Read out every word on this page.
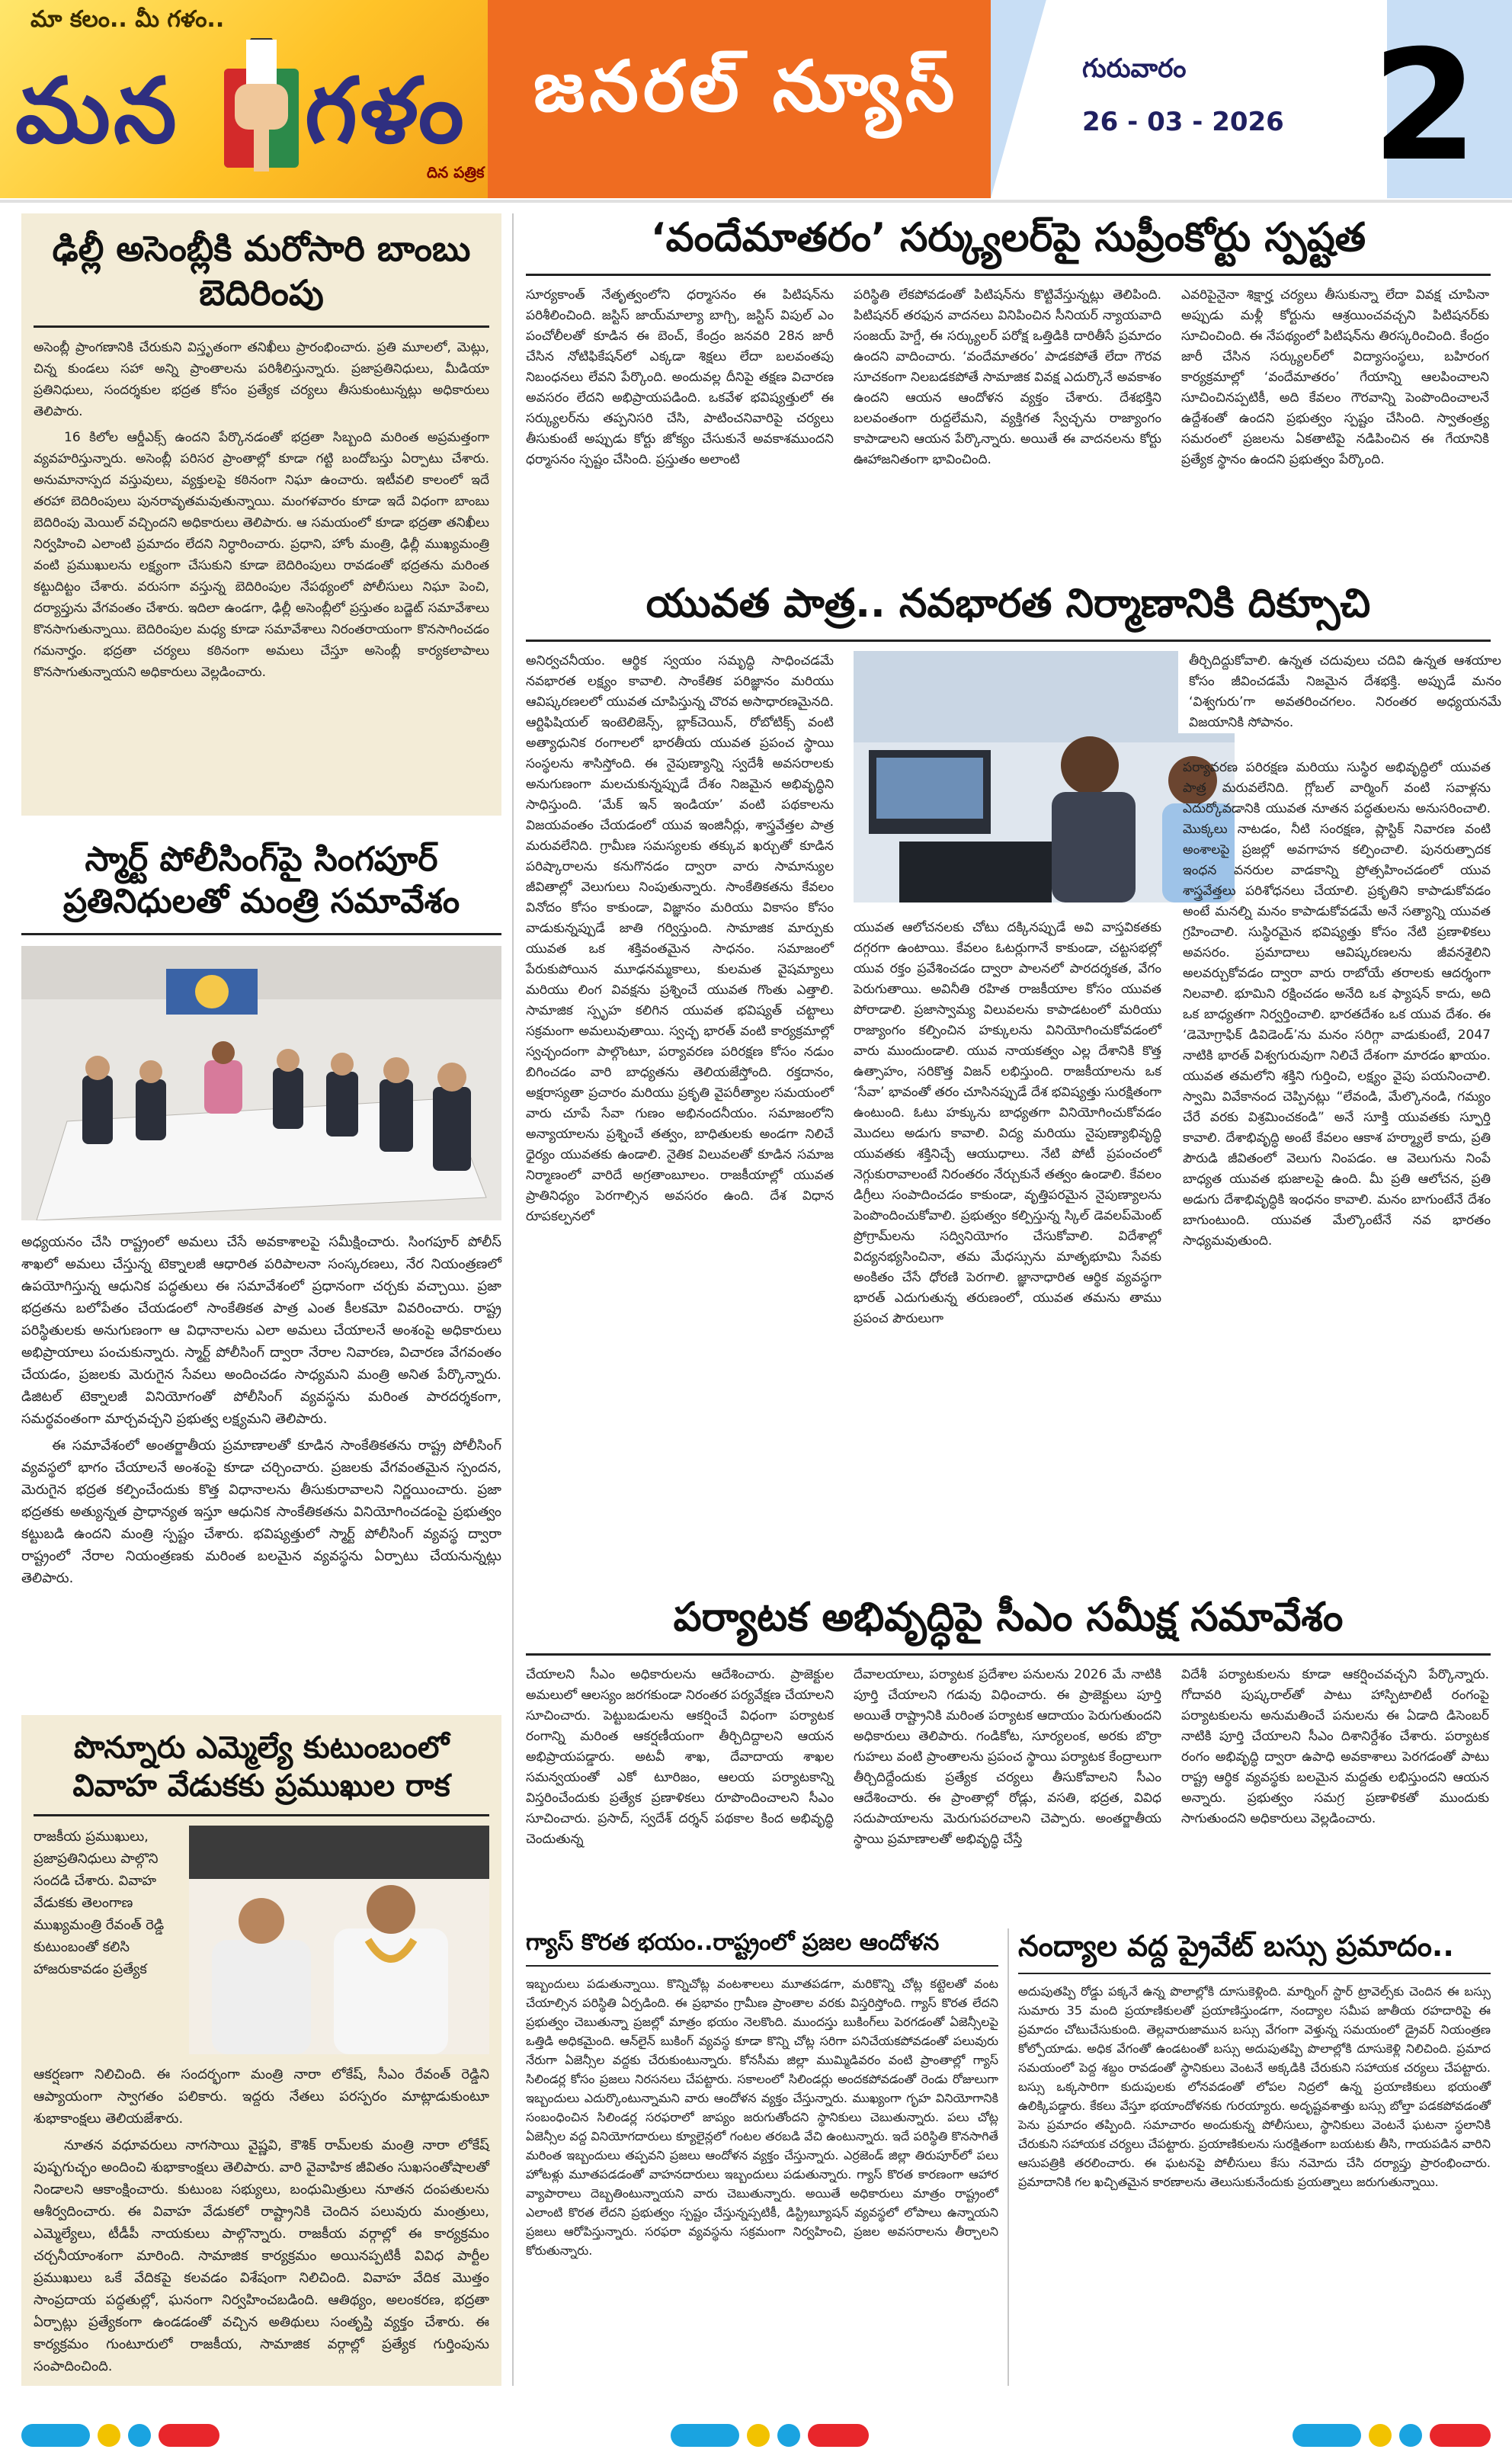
మా కలం.. మీ గళం..
మన గళం
దిన పత్రిక
జనరల్ న్యూస్	గురువారం
26 - 03 - 2026 2
ఢిల్లీ అసెంబ్లీకి మరోసారి బాంబు బెదిరింపు

అసెంబ్లీ ప్రాంగణానికి చేరుకుని విస్తృతంగా తనిఖీలు ప్రారంభించారు. ప్రతి మూలలో, మెట్లు, చిన్న కుండలు సహా అన్ని ప్రాంతాలను పరిశీలిస్తున్నారు. ప్రజాప్రతినిధులు, మీడియా ప్రతినిధులు, సందర్శకుల భద్రత కోసం ప్రత్యేక చర్యలు తీసుకుంటున్నట్లు అధికారులు తెలిపారు.

16 కిలోల ఆర్డీఎక్స్ ఉందని పేర్కొనడంతో భద్రతా సిబ్బంది మరింత అప్రమత్తంగా వ్యవహరిస్తున్నారు. అసెంబ్లీ పరిసర ప్రాంతాల్లో కూడా గట్టి బందోబస్తు ఏర్పాటు చేశారు. అనుమానాస్పద వస్తువులు, వ్యక్తులపై కఠినంగా నిఘా ఉంచారు. ఇటీవలి కాలంలో ఇదే తరహా బెదిరింపులు పునరావృతమవుతున్నాయి. మంగళవారం కూడా ఇదే విధంగా బాంబు బెదిరింపు మెయిల్ వచ్చిందని అధికారులు తెలిపారు. ఆ సమయంలో కూడా భద్రతా తనిఖీలు నిర్వహించి ఎలాంటి ప్రమాదం లేదని నిర్ధారించారు. ప్రధాని, హోం మంత్రి, ఢిల్లీ ముఖ్యమంత్రి వంటి ప్రముఖులను లక్ష్యంగా చేసుకుని కూడా బెదిరింపులు రావడంతో భద్రతను మరింత కట్టుదిట్టం చేశారు. వరుసగా వస్తున్న బెదిరింపుల నేపథ్యంలో పోలీసులు నిఘా పెంచి, దర్యాప్తును వేగవంతం చేశారు. ఇదిలా ఉండగా, ఢిల్లీ అసెంబ్లీలో ప్రస్తుతం బడ్జెట్ సమావేశాలు కొనసాగుతున్నాయి. బెదిరింపుల మధ్య కూడా సమావేశాలు నిరంతరాయంగా కొనసాగించడం గమనార్హం. భద్రతా చర్యలు కఠినంగా అమలు చేస్తూ అసెంబ్లీ కార్యకలాపాలు కొనసాగుతున్నాయని అధికారులు వెల్లడించారు.

స్మార్ట్ పోలీసింగ్‌పై సింగపూర్ ప్రతినిధులతో మంత్రి సమావేశం

అధ్యయనం చేసి రాష్ట్రంలో అమలు చేసే అవకాశాలపై సమీక్షించారు. సింగపూర్ పోలీస్ శాఖలో అమలు చేస్తున్న టెక్నాలజీ ఆధారిత పరిపాలనా సంస్కరణలు, నేర నియంత్రణలో ఉపయోగిస్తున్న ఆధునిక పద్ధతులు ఈ సమావేశంలో ప్రధానంగా చర్చకు వచ్చాయి. ప్రజా భద్రతను బలోపేతం చేయడంలో సాంకేతికత పాత్ర ఎంత కీలకమో వివరించారు. రాష్ట్ర పరిస్థితులకు అనుగుణంగా ఆ విధానాలను ఎలా అమలు చేయాలనే అంశంపై అధికారులు అభిప్రాయాలు పంచుకున్నారు. స్మార్ట్ పోలీసింగ్ ద్వారా నేరాల నివారణ, విచారణ వేగవంతం చేయడం, ప్రజలకు మెరుగైన సేవలు అందించడం సాధ్యమని మంత్రి అనిత పేర్కొన్నారు. డిజిటల్ టెక్నాలజీ వినియోగంతో పోలీసింగ్ వ్యవస్థను మరింత పారదర్శకంగా, సమర్థవంతంగా మార్చవచ్చని ప్రభుత్వ లక్ష్యమని తెలిపారు.

ఈ సమావేశంలో అంతర్జాతీయ ప్రమాణాలతో కూడిన సాంకేతికతను రాష్ట్ర పోలీసింగ్ వ్యవస్థలో భాగం చేయాలనే అంశంపై కూడా చర్చించారు. ప్రజలకు వేగవంతమైన స్పందన, మెరుగైన భద్రత కల్పించేందుకు కొత్త విధానాలను తీసుకురావాలని నిర్ణయించారు. ప్రజా భద్రతకు అత్యున్నత ప్రాధాన్యత ఇస్తూ ఆధునిక సాంకేతికతను వినియోగించడంపై ప్రభుత్వం కట్టుబడి ఉందని మంత్రి స్పష్టం చేశారు. భవిష్యత్తులో స్మార్ట్ పోలీసింగ్ వ్యవస్థ ద్వారా రాష్ట్రంలో నేరాల నియంత్రణకు మరింత బలమైన వ్యవస్థను ఏర్పాటు చేయనున్నట్లు తెలిపారు.

పొన్నూరు ఎమ్మెల్యే కుటుంబంలో వివాహ వేడుకకు ప్రముఖుల రాక
రాజకీయ ప్రముఖులు, ప్రజాప్రతినిధులు పాల్గొని సందడి చేశారు. వివాహ వేడుకకు తెలంగాణ ముఖ్యమంత్రి రేవంత్ రెడ్డి కుటుంబంతో కలిసి హాజరుకావడం ప్రత్యేక

ఆకర్షణగా నిలిచింది. ఈ సందర్భంగా మంత్రి నారా లోకేష్, సీఎం రేవంత్ రెడ్డిని ఆప్యాయంగా స్వాగతం పలికారు. ఇద్దరు నేతలు పరస్పరం మాట్లాడుకుంటూ శుభాకాంక్షలు తెలియజేశారు.

నూతన వధూవరులు నాగసాయి వైష్ణవి, కౌశిక్ రామ్‌లకు మంత్రి నారా లోకేష్ పుష్పగుచ్ఛం అందించి శుభాకాంక్షలు తెలిపారు. వారి వైవాహిక జీవితం సుఖసంతోషాలతో నిండాలని ఆకాంక్షించారు. కుటుంబ సభ్యులు, బంధుమిత్రులు నూతన దంపతులను ఆశీర్వదించారు. ఈ వివాహ వేడుకలో రాష్ట్రానికి చెందిన పలువురు మంత్రులు, ఎమ్మెల్యేలు, టీడీపీ నాయకులు పాల్గొన్నారు. రాజకీయ వర్గాల్లో ఈ కార్యక్రమం చర్చనీయాంశంగా మారింది. సామాజిక కార్యక్రమం అయినప్పటికీ వివిధ పార్టీల ప్రముఖులు ఒకే వేదికపై కలవడం విశేషంగా నిలిచింది. వివాహ వేదిక మొత్తం సాంప్రదాయ పద్ధతుల్లో, ఘనంగా నిర్వహించబడింది. ఆతిథ్యం, అలంకరణ, భద్రతా ఏర్పాట్లు ప్రత్యేకంగా ఉండడంతో వచ్చిన అతిథులు సంతృప్తి వ్యక్తం చేశారు. ఈ కార్యక్రమం గుంటూరులో రాజకీయ, సామాజిక వర్గాల్లో ప్రత్యేక గుర్తింపును సంపాదించింది.

‘వందేమాతరం’ సర్క్యులర్‌పై సుప్రీంకోర్టు స్పష్టత
సూర్యకాంత్ నేతృత్వంలోని ధర్మాసనం ఈ పిటిషన్‌ను పరిశీలించింది. జస్టిస్ జాయ్‌మాల్యా బాగ్చి, జస్టిస్ విపుల్ ఎం పంచోలీలతో కూడిన ఈ బెంచ్, కేంద్రం జనవరి 28న జారీ చేసిన నోటిఫికేషన్‌లో ఎక్కడా శిక్షలు లేదా బలవంతపు నిబంధనలు లేవని పేర్కొంది. అందువల్ల దీనిపై తక్షణ విచారణ అవసరం లేదని అభిప్రాయపడింది. ఒకవేళ భవిష్యత్తులో ఈ సర్క్యులర్‌ను తప్పనిసరి చేసి, పాటించనివారిపై చర్యలు తీసుకుంటే అప్పుడు కోర్టు జోక్యం చేసుకునే అవకాశముందని ధర్మాసనం స్పష్టం చేసింది. ప్రస్తుతం అలాంటి
పరిస్థితి లేకపోవడంతో పిటిషన్‌ను కొట్టివేస్తున్నట్లు తెలిపింది. పిటిషనర్ తరఫున వాదనలు వినిపించిన సీనియర్ న్యాయవాది సంజయ్ హెగ్డే, ఈ సర్క్యులర్ పరోక్ష ఒత్తిడికి దారితీసే ప్రమాదం ఉందని వాదించారు. ‘వందేమాతరం’ పాడకపోతే లేదా గౌరవ సూచకంగా నిలబడకపోతే సామాజిక వివక్ష ఎదుర్కొనే అవకాశం ఉందని ఆయన ఆందోళన వ్యక్తం చేశారు. దేశభక్తిని బలవంతంగా రుద్దలేమని, వ్యక్తిగత స్వేచ్ఛను రాజ్యాంగం కాపాడాలని ఆయన పేర్కొన్నారు. అయితే ఈ వాదనలను కోర్టు ఊహాజనితంగా భావించింది.
ఎవరిపైనైనా శిక్షార్హ చర్యలు తీసుకున్నా లేదా వివక్ష చూపినా అప్పుడు మళ్లీ కోర్టును ఆశ్రయించవచ్చని పిటిషనర్‌కు సూచించింది. ఈ నేపథ్యంలో పిటిషన్‌ను తిరస్కరించింది. కేంద్రం జారీ చేసిన సర్క్యులర్‌లో విద్యాసంస్థలు, బహిరంగ కార్యక్రమాల్లో ‘వందేమాతరం’ గేయాన్ని ఆలపించాలని సూచించినప్పటికీ, అది కేవలం గౌరవాన్ని పెంపొందించాలనే ఉద్దేశంతో ఉందని ప్రభుత్వం స్పష్టం చేసింది. స్వాతంత్ర్య సమరంలో ప్రజలను ఏకతాటిపై నడిపించిన ఈ గేయానికి ప్రత్యేక స్థానం ఉందని ప్రభుత్వం పేర్కొంది.
యువత పాత్ర.. నవభారత నిర్మాణానికి దిక్సూచి
అనిర్వచనీయం. ఆర్థిక స్వయం సమృద్ధి సాధించడమే నవభారత లక్ష్యం కావాలి. సాంకేతిక పరిజ్ఞానం మరియు ఆవిష్కరణలలో యువత చూపిస్తున్న చొరవ అసాధారణమైనది. ఆర్టిఫిషియల్ ఇంటెలిజెన్స్, బ్లాక్‌చెయిన్, రోబోటిక్స్ వంటి అత్యాధునిక రంగాలలో భారతీయ యువత ప్రపంచ స్థాయి సంస్థలను శాసిస్తోంది. ఈ నైపుణ్యాన్ని స్వదేశీ అవసరాలకు అనుగుణంగా మలచుకున్నప్పుడే దేశం నిజమైన అభివృద్ధిని సాధిస్తుంది. ‘మేక్ ఇన్ ఇండియా’ వంటి పథకాలను విజయవంతం చేయడంలో యువ ఇంజినీర్లు, శాస్త్రవేత్తల పాత్ర మరువలేనిది. గ్రామీణ సమస్యలకు తక్కువ ఖర్చుతో కూడిన పరిష్కారాలను కనుగొనడం ద్వారా వారు సామాన్యుల జీవితాల్లో వెలుగులు నింపుతున్నారు. సాంకేతికతను కేవలం వినోదం కోసం కాకుండా, విజ్ఞానం మరియు వికాసం కోసం వాడుకున్నప్పుడే జాతి గర్విస్తుంది. సామాజిక మార్పుకు యువత ఒక శక్తివంతమైన సాధనం. సమాజంలో పేరుకుపోయిన మూఢనమ్మకాలు, కులమత వైషమ్యాలు మరియు లింగ వివక్షను ప్రశ్నించే యువత గొంతు ఎత్తాలి. సామాజిక స్పృహ కలిగిన యువత భవిష్యత్ చట్టాలు సక్రమంగా అమలువుతాయి. స్వచ్ఛ భారత్ వంటి కార్యక్రమాల్లో స్వచ్ఛందంగా పాల్గొంటూ, పర్యావరణ పరిరక్షణ కోసం నడుం బిగించడం వారి బాధ్యతను తెలియజేస్తోంది. రక్తదానం, అక్షరాస్యతా ప్రచారం మరియు ప్రకృతి వైపరీత్యాల సమయంలో వారు చూపే సేవా గుణం అభినందనీయం. సమాజంలోని అన్యాయాలను ప్రశ్నించే తత్వం, బాధితులకు అండగా నిలిచే ధైర్యం యువతకు ఉండాలి. నైతిక విలువలతో కూడిన సమాజ నిర్మాణంలో వారిదే అగ్రతాంబూలం. రాజకీయాల్లో యువత ప్రాతినిధ్యం పెరగాల్సిన అవసరం ఉంది. దేశ విధాన రూపకల్పనలో
తీర్చిదిద్దుకోవాలి. ఉన్నత చదువులు చదివి ఉన్నత ఆశయాల కోసం జీవించడమే నిజమైన దేశభక్తి. అప్పుడే మనం ‘విశ్వగురు’గా అవతరించగలం. నిరంతర అధ్యయనమే విజయానికి సోపానం.
యువత ఆలోచనలకు చోటు దక్కినప్పుడే అవి వాస్తవికతకు దగ్గరగా ఉంటాయి. కేవలం ఓటర్లుగానే కాకుండా, చట్టసభల్లో యువ రక్తం ప్రవేశించడం ద్వారా పాలనలో పారదర్శకత, వేగం పెరుగుతాయి. అవినీతి రహిత రాజకీయాల కోసం యువత పోరాడాలి. ప్రజాస్వామ్య విలువలను కాపాడటంలో మరియు రాజ్యాంగం కల్పించిన హక్కులను వినియోగించుకోవడంలో వారు ముందుండాలి. యువ నాయకత్వం ఎల్ల దేశానికి కొత్త ఉత్సాహం, సరికొత్త విజన్ లభిస్తుంది. రాజకీయాలను ఒక ‘సేవా’ భావంతో తరం చూసినప్పుడే దేశ భవిష్యత్తు సురక్షితంగా ఉంటుంది. ఓటు హక్కును బాధ్యతగా వినియోగించుకోవడం మొదలు అడుగు కావాలి. విద్య మరియు నైపుణ్యాభివృద్ధి యువతకు శక్తినిచ్చే ఆయుధాలు. నేటి పోటీ ప్రపంచంలో నెగ్గుకురావాలంటే నిరంతరం నేర్చుకునే తత్వం ఉండాలి. కేవలం డిగ్రీలు సంపాదించడం కాకుండా, వృత్తిపరమైన నైపుణ్యాలను పెంపొందించుకోవాలి. ప్రభుత్వం కల్పిస్తున్న స్కిల్ డెవలప్‌మెంట్ ప్రోగ్రామ్‌లను సద్వినియోగం చేసుకోవాలి. విదేశాల్లో విద్యనభ్యసించినా, తమ మేధస్సును మాతృభూమి సేవకు అంకితం చేసే ధోరణి పెరగాలి. జ్ఞానాధారిత ఆర్థిక వ్యవస్థగా భారత్ ఎదుగుతున్న తరుణంలో, యువత తమను తాము ప్రపంచ పౌరులుగా
పర్యావరణ పరిరక్షణ మరియు సుస్థిర అభివృద్ధిలో యువత పాత్ర మరువలేనిది. గ్లోబల్ వార్మింగ్ వంటి సవాళ్లను ఎదుర్కోవడానికి యువత నూతన పద్ధతులను అనుసరించాలి. మొక్కలు నాటడం, నీటి సంరక్షణ, ప్లాస్టిక్ నివారణ వంటి అంశాలపై ప్రజల్లో అవగాహన కల్పించాలి. పునరుత్పాదక ఇంధన వనరుల వాడకాన్ని ప్రోత్సహించడంలో యువ శాస్త్రవేత్తలు పరిశోధనలు చేయాలి. ప్రకృతిని కాపాడుకోవడం అంటే మనల్ని మనం కాపాడుకోవడమే అనే సత్యాన్ని యువత గ్రహించాలి. సుస్థిరమైన భవిష్యత్తు కోసం నేటి ప్రణాళికలు అవసరం. ప్రమాదాలు ఆవిష్కరణలను జీవనశైలిని అలవర్చుకోవడం ద్వారా వారు రాబోయే తరాలకు ఆదర్శంగా నిలవాలి. భూమిని రక్షించడం అనేది ఒక ఫ్యాషన్ కాదు, అది ఒక బాధ్యతగా నిర్వర్తించాలి. భారతదేశం ఒక యువ దేశం. ఈ ‘డెమోగ్రాఫిక్ డివిడెండ్’ను మనం సరిగ్గా వాడుకుంటే, 2047 నాటికి భారత్ విశ్వగురువుగా నిలిచే దేశంగా మారడం ఖాయం. యువత తమలోని శక్తిని గుర్తించి, లక్ష్యం వైపు పయనించాలి. స్వామి వివేకానంద చెప్పినట్లు “లేవండి, మేల్కొనండి, గమ్యం చేరే వరకు విశ్రమించకండి” అనే సూక్తి యువతకు స్ఫూర్తి కావాలి. దేశాభివృద్ధి అంటే కేవలం ఆకాశ హర్మ్యాలే కాదు, ప్రతి పౌరుడి జీవితంలో వెలుగు నింపడం. ఆ వెలుగును నింపే బాధ్యత యువత భుజాలపై ఉంది. మీ ప్రతి ఆలోచన, ప్రతి అడుగు దేశాభివృద్ధికి ఇంధనం కావాలి. మనం బాగుంటేనే దేశం బాగుంటుంది. యువత మేల్కొంటేనే నవ భారతం సాధ్యమవుతుంది.
పర్యాటక అభివృద్ధిపై సీఎం సమీక్ష సమావేశం
చేయాలని సీఎం అధికారులను ఆదేశించారు. ప్రాజెక్టుల అమలులో ఆలస్యం జరగకుండా నిరంతర పర్యవేక్షణ చేయాలని సూచించారు. పెట్టుబడులను ఆకర్షించే విధంగా పర్యాటక రంగాన్ని మరింత ఆకర్షణీయంగా తీర్చిదిద్దాలని ఆయన అభిప్రాయపడ్డారు. అటవీ శాఖ, దేవాదాయ శాఖల సమన్వయంతో ఎకో టూరిజం, ఆలయ పర్యాటకాన్ని విస్తరించేందుకు ప్రత్యేక ప్రణాళికలు రూపొందించాలని సీఎం సూచించారు. ప్రసాద్, స్వదేశ్ దర్శన్ పథకాల కింద అభివృద్ధి చెందుతున్న
దేవాలయాలు, పర్యాటక ప్రదేశాల పనులను 2026 మే నాటికి పూర్తి చేయాలని గడువు విధించారు. ఈ ప్రాజెక్టులు పూర్తి అయితే రాష్ట్రానికి మరింత పర్యాటక ఆదాయం పెరుగుతుందని అధికారులు తెలిపారు. గండికోట, సూర్యలంక, అరకు బొర్రా గుహలు వంటి ప్రాంతాలను ప్రపంచ స్థాయి పర్యాటక కేంద్రాలుగా తీర్చిదిద్దేందుకు ప్రత్యేక చర్యలు తీసుకోవాలని సీఎం ఆదేశించారు. ఈ ప్రాంతాల్లో రోడ్లు, వసతి, భద్రత, వివిధ సదుపాయాలను మెరుగుపరచాలని చెప్పారు. అంతర్జాతీయ స్థాయి ప్రమాణాలతో అభివృద్ధి చేస్తే
విదేశీ పర్యాటకులను కూడా ఆకర్షించవచ్చని పేర్కొన్నారు. గోదావరి పుష్కరాల్‌తో పాటు హాస్పిటాలిటీ రంగంపై పర్యాటకులను అనుమతించే పనులను ఈ ఏడాది డిసెంబర్ నాటికి పూర్తి చేయాలని సీఎం దిశానిర్దేశం చేశారు. పర్యాటక రంగం అభివృద్ధి ద్వారా ఉపాధి అవకాశాలు పెరగడంతో పాటు రాష్ట్ర ఆర్థిక వ్యవస్థకు బలమైన మద్దతు లభిస్తుందని ఆయన అన్నారు. ప్రభుత్వం సమగ్ర ప్రణాళికతో ముందుకు సాగుతుందని అధికారులు వెల్లడించారు.
గ్యాస్ కొరత భయం..రాష్ట్రంలో ప్రజల ఆందోళన
ఇబ్బందులు పడుతున్నాయి. కొన్నిచోట్ల వంటశాలలు మూతపడగా, మరికొన్ని చోట్ల కట్టెలతో వంట చేయాల్సిన పరిస్థితి ఏర్పడింది. ఈ ప్రభావం గ్రామీణ ప్రాంతాల వరకు విస్తరిస్తోంది. గ్యాస్ కొరత లేదని ప్రభుత్వం చెబుతున్నా ప్రజల్లో మాత్రం భయం నెలకొంది. ముందస్తు బుకింగ్‌లు పెరగడంతో ఏజెన్సీలపై ఒత్తిడి అధికమైంది. ఆన్‌లైన్ బుకింగ్ వ్యవస్థ కూడా కొన్ని చోట్ల సరిగా పనిచేయకపోవడంతో పలువురు నేరుగా ఏజెన్సీల వద్దకు చేరుకుంటున్నారు. కోనసీమ జిల్లా ముమ్మిడివరం వంటి ప్రాంతాల్లో గ్యాస్ సిలిండర్ల కోసం ప్రజలు నిరసనలు చేపట్టారు. సకాలంలో సిలిండర్లు అందకపోవడంతో రెండు రోజులుగా ఇబ్బందులు ఎదుర్కొంటున్నామని వారు ఆందోళన వ్యక్తం చేస్తున్నారు. ముఖ్యంగా గృహ వినియోగానికి సంబంధించిన సిలిండర్ల సరఫరాలో జాప్యం జరుగుతోందని స్థానికులు చెబుతున్నారు. పలు చోట్ల ఏజెన్సీల వద్ద వినియోగదారులు క్యూలైన్లలో గంటల తరబడి వేచి ఉంటున్నారు. ఇదే పరిస్థితి కొనసాగితే మరింత ఇబ్బందులు తప్పవని ప్రజలు ఆందోళన వ్యక్తం చేస్తున్నారు. ఎర్రజెండ్ జిల్లా తిరుపూర్‌లో పలు హోటళ్లు మూతపడడంతో వాహనదారులు ఇబ్బందులు పడుతున్నారు. గ్యాస్ కొరత కారణంగా ఆహార వ్యాపారాలు దెబ్బతింటున్నాయని వారు చెబుతున్నారు. అయితే అధికారులు మాత్రం రాష్ట్రంలో ఎలాంటి కొరత లేదని ప్రభుత్వం స్పష్టం చేస్తున్నప్పటికీ, డిస్ట్రిబ్యూషన్ వ్యవస్థలో లోపాలు ఉన్నాయని ప్రజలు ఆరోపిస్తున్నారు. సరఫరా వ్యవస్థను సక్రమంగా నిర్వహించి, ప్రజల అవసరాలను తీర్చాలని కోరుతున్నారు.
నంద్యాల వద్ద ప్రైవేట్ బస్సు ప్రమాదం..
అదుపుతప్పి రోడ్డు పక్కనే ఉన్న పొలాల్లోకి దూసుకెళ్లింది. మార్నింగ్ స్టార్ ట్రావెల్స్‌కు చెందిన ఈ బస్సు సుమారు 35 మంది ప్రయాణికులతో ప్రయాణిస్తుండగా, నంద్యాల సమీప జాతీయ రహదారిపై ఈ ప్రమాదం చోటుచేసుకుంది. తెల్లవారుజామున బస్సు వేగంగా వెళ్తున్న సమయంలో డ్రైవర్ నియంత్రణ కోల్పోయాడు. అధిక వేగంతో ఉండటంతో బస్సు అదుపుతప్పి పొలాల్లోకి దూసుకెళ్లి నిలిచింది. ప్రమాద సమయంలో పెద్ద శబ్దం రావడంతో స్థానికులు వెంటనే అక్కడికి చేరుకుని సహాయక చర్యలు చేపట్టారు. బస్సు ఒక్కసారిగా కుదుపులకు లోనవడంతో లోపల నిద్రలో ఉన్న ప్రయాణికులు భయంతో ఉలిక్కిపడ్డారు. కేకలు వేస్తూ భయాందోళనకు గురయ్యారు. అదృష్టవశాత్తు బస్సు బోల్తా పడకపోవడంతో పెను ప్రమాదం తప్పింది. సమాచారం అందుకున్న పోలీసులు, స్థానికులు వెంటనే ఘటనా స్థలానికి చేరుకుని సహాయక చర్యలు చేపట్టారు. ప్రయాణికులను సురక్షితంగా బయటకు తీసి, గాయపడిన వారిని ఆసుపత్రికి తరలించారు. ఈ ఘటనపై పోలీసులు కేసు నమోదు చేసి దర్యాప్తు ప్రారంభించారు. ప్రమాదానికి గల ఖచ్చితమైన కారణాలను తెలుసుకునేందుకు ప్రయత్నాలు జరుగుతున్నాయి.
